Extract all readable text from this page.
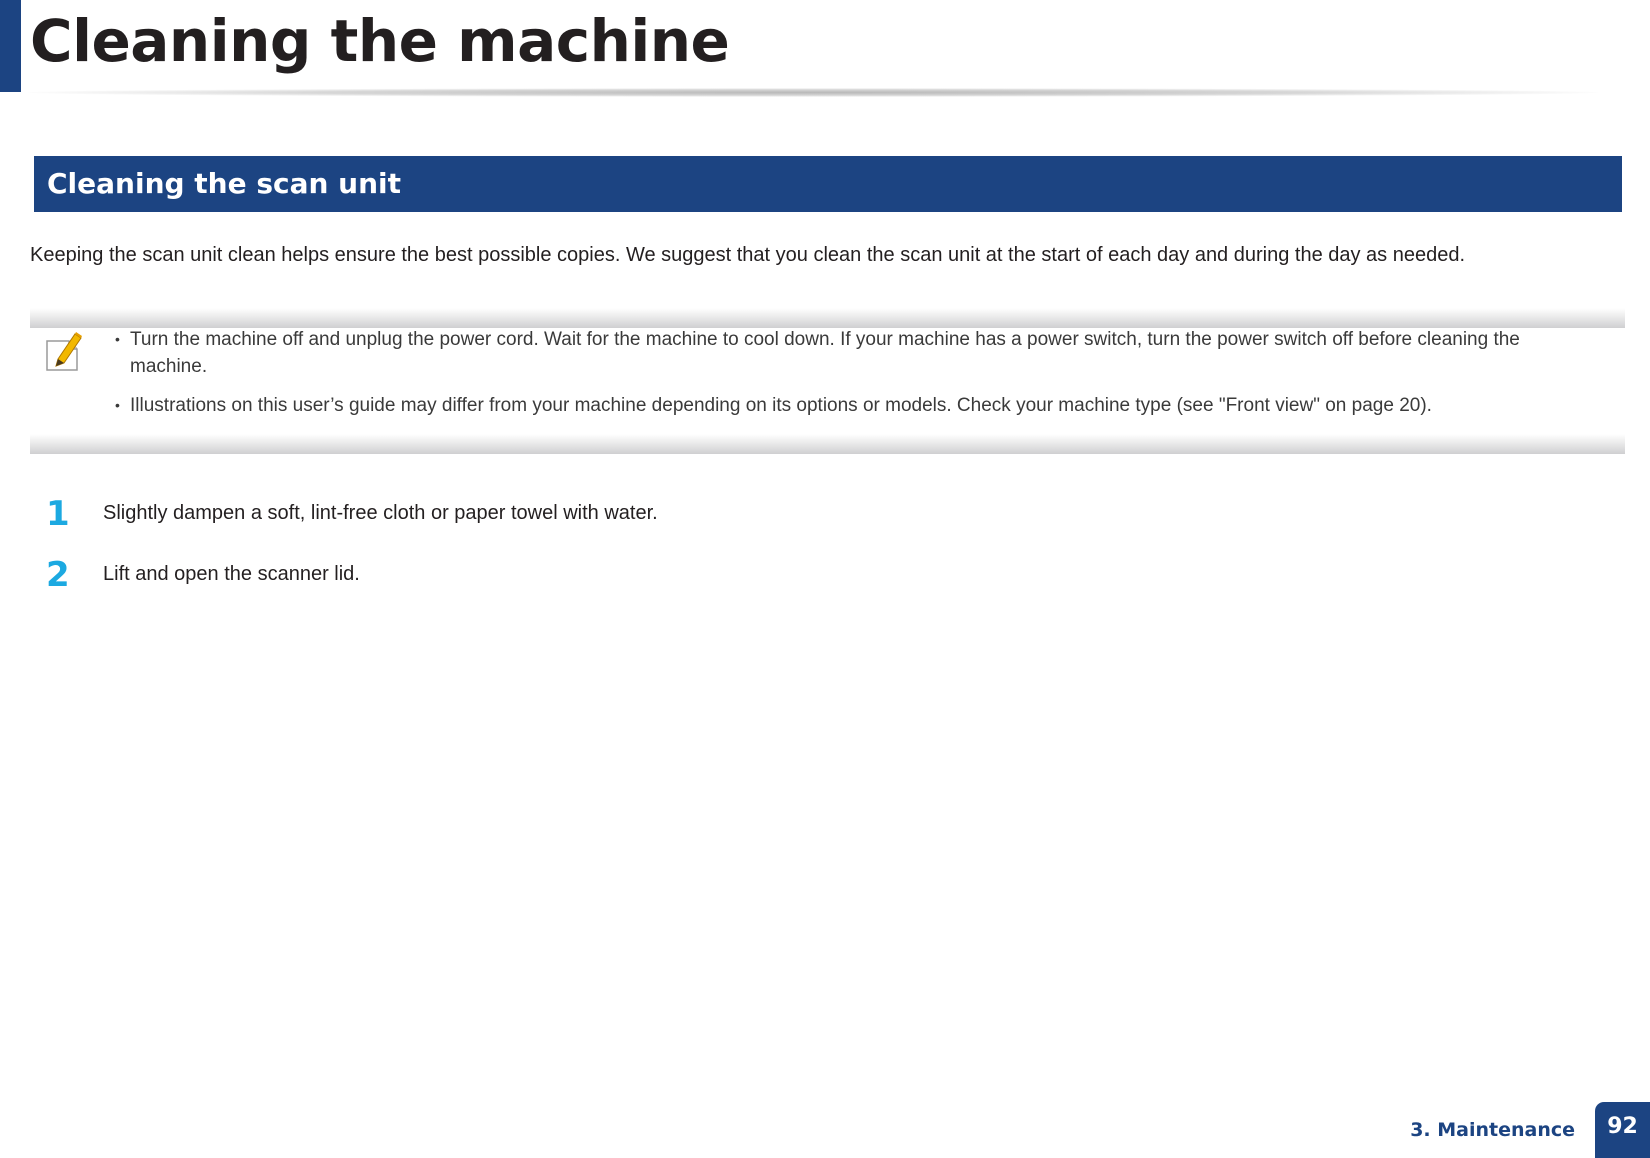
Cleaning the machine
Cleaning the scan unit

Keeping the scan unit clean helps ensure the best possible copies. We suggest that you clean the scan unit at the start of each day and during the day as needed.

• Turn the machine off and unplug the power cord. Wait for the machine to cool down. If your machine has a power switch, turn the power switch off before cleaning the machine.
• Illustrations on this user’s guide may differ from your machine depending on its options or models. Check your machine type (see "Front view" on page 20).
1	Slightly dampen a soft, lint-free cloth or paper towel with water.
2	Lift and open the scanner lid.
3. Maintenance	92
